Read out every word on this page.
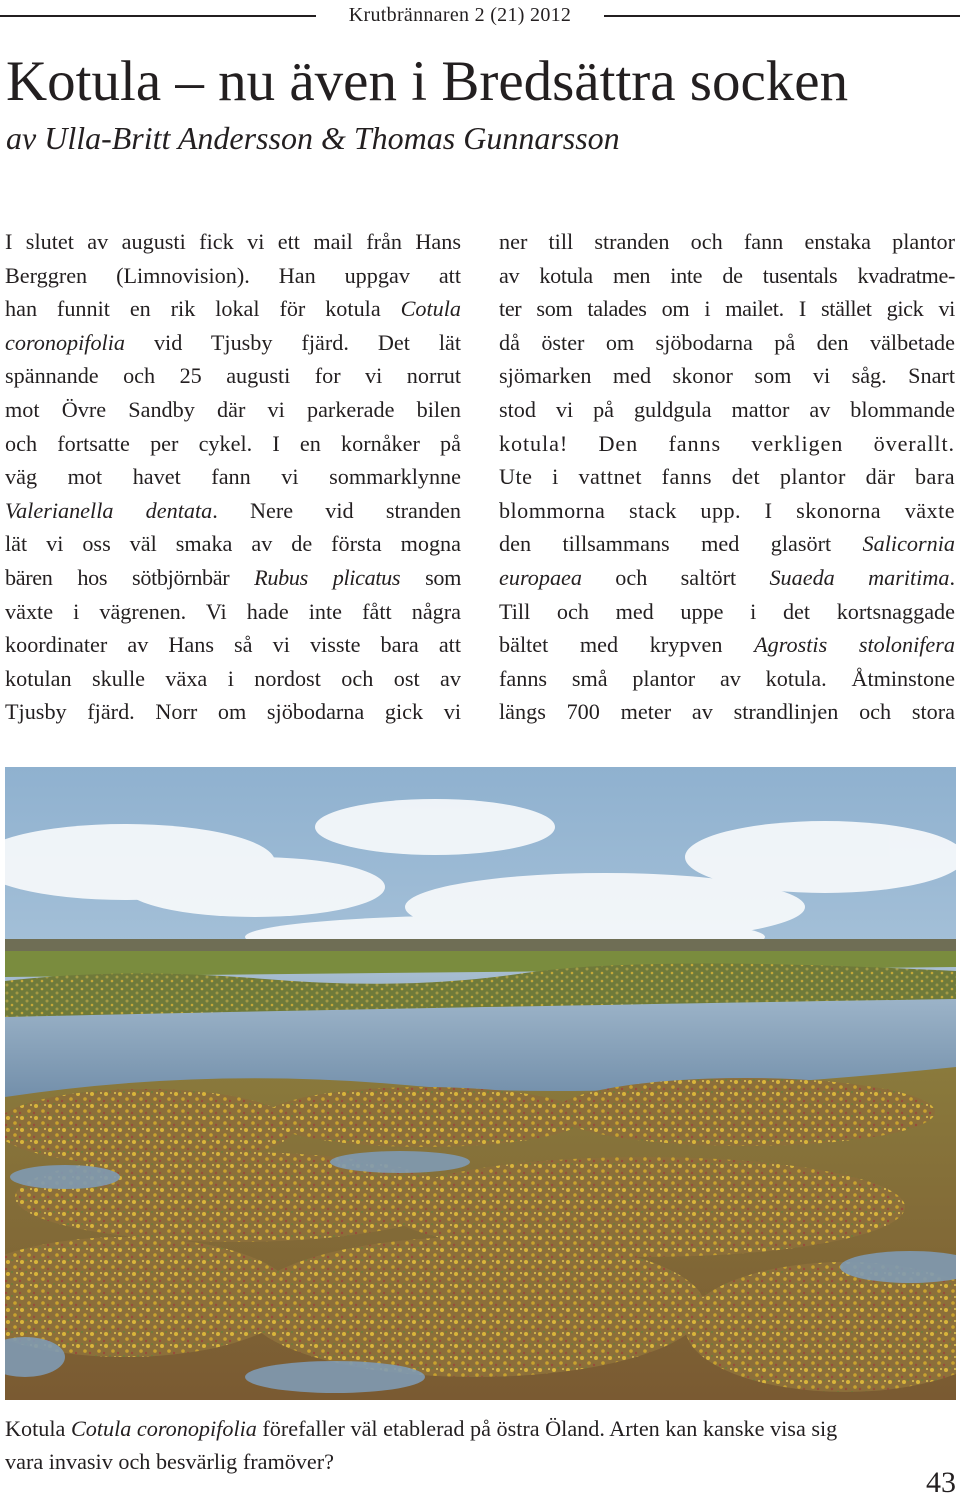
Krutbrännaren 2 (21) 2012
Kotula – nu även i Bredsättra socken
av Ulla-Britt Andersson & Thomas Gunnarsson
I slutet av augusti fick vi ett mail från Hans
Berggren (Limnovision). Han uppgav att
han funnit en rik lokal för kotula Cotula
coronopifolia vid Tjusby fjärd. Det lät
spännande och 25 augusti for vi norrut
mot Övre Sandby där vi parkerade bilen
och fortsatte per cykel. I en kornåker på
väg mot havet fann vi sommarklynne
Valerianella dentata. Nere vid stranden
lät vi oss väl smaka av de första mogna
bären hos sötbjörnbär Rubus plicatus som
växte i vägrenen. Vi hade inte fått några
koordinater av Hans så vi visste bara att
kotulan skulle växa i nordost och ost av
Tjusby fjärd. Norr om sjöbodarna gick vi
ner till stranden och fann enstaka plantor
av kotula men inte de tusentals kvadratme-
ter som talades om i mailet. I stället gick vi
då öster om sjöbodarna på den välbetade
sjömarken med skonor som vi såg. Snart
stod vi på guldgula mattor av blommande
kotula! Den fanns verkligen överallt.
Ute i vattnet fanns det plantor där bara
blommorna stack upp. I skonorna växte
den tillsammans med glasört Salicornia
europaea och saltört Suaeda maritima.
Till och med uppe i det kortsnaggade
bältet med krypven Agrostis stolonifera
fanns små plantor av kotula. Åtminstone
längs 700 meter av strandlinjen och stora
Kotula Cotula coronopifolia förefaller väl etablerad på östra Öland. Arten kan kanske visa sig
vara invasiv och besvärlig framöver?
43
